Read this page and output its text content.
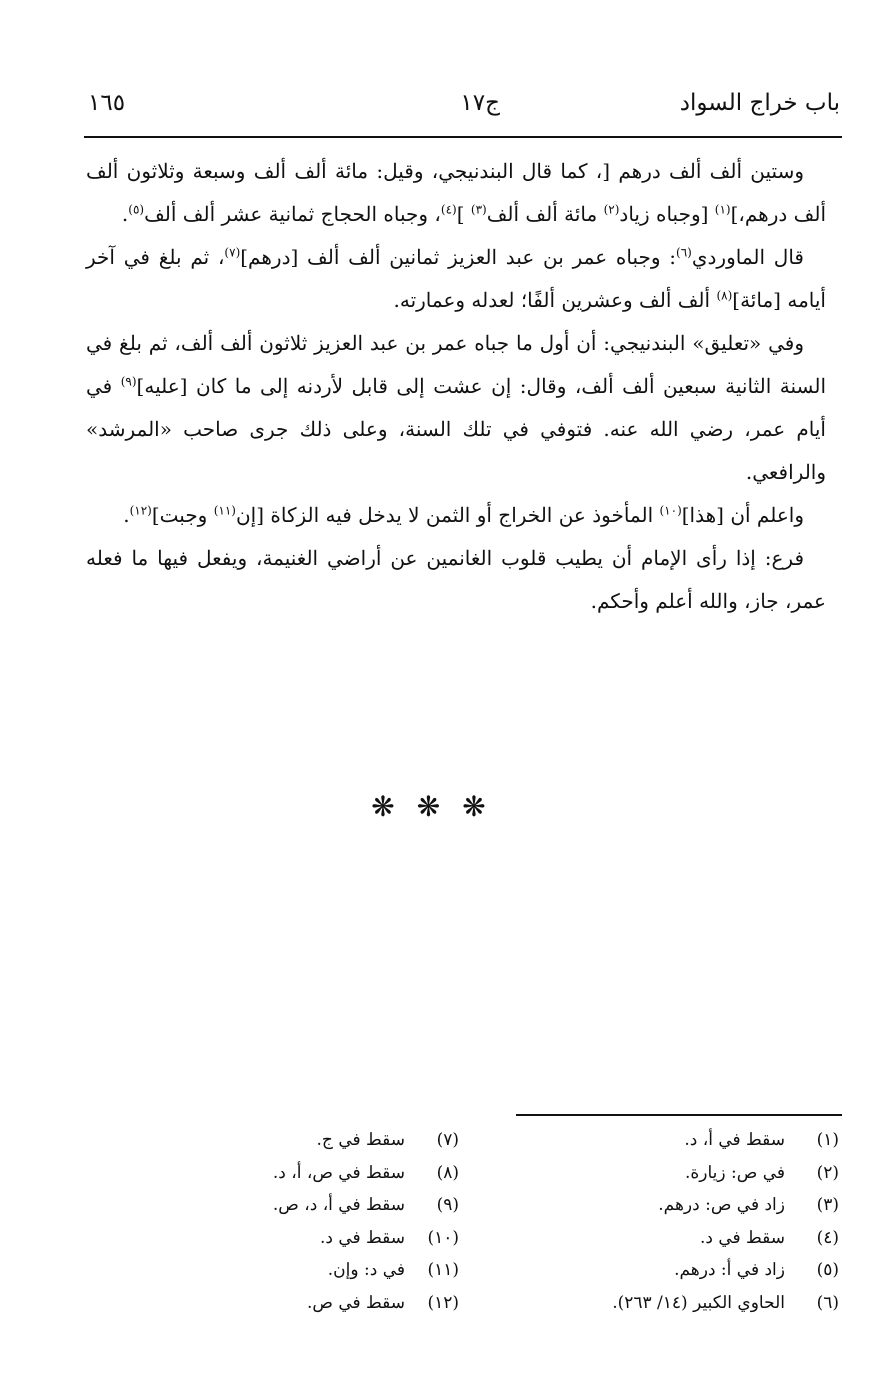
باب خراج السواد
ج١٧
١٦٥

وستين ألف ألف درهم [، كما قال البندنيجي، وقيل: مائة ألف ألف وسبعة وثلاثون ألف ألف درهم،]$^{(١)}$ [وجباه زياد$^{(٢)}$ مائة ألف ألف$^{(٣)}$ ]$^{(٤)}$، وجباه الحجاج ثمانية عشر ألف ألف$^{(٥)}$.

قال الماوردي$^{(٦)}$: وجباه عمر بن عبد العزيز ثمانين ألف ألف [درهم]$^{(٧)}$، ثم بلغ في آخر أيامه [مائة]$^{(٨)}$ ألف ألف وعشرين ألفًا؛ لعدله وعمارته.

وفي «تعليق» البندنيجي: أن أول ما جباه عمر بن عبد العزيز ثلاثون ألف ألف، ثم بلغ في السنة الثانية سبعين ألف ألف، وقال: إن عشت إلى قابل لأردنه إلى ما كان [عليه]$^{(٩)}$ في أيام عمر، رضي الله عنه. فتوفي في تلك السنة، وعلى ذلك جرى صاحب «المرشد» والرافعي.

واعلم أن [هذا]$^{(١٠)}$ المأخوذ عن الخراج أو الثمن لا يدخل فيه الزكاة [إن$^{(١١)}$ وجبت]$^{(١٢)}$.

فرع: إذا رأى الإمام أن يطيب قلوب الغانمين عن أراضي الغنيمة، ويفعل فيها ما فعله عمر، جاز، والله أعلم وأحكم.

❋❋❋
(١)سقط في أ، د.
(٢)في ص: زيارة.
(٣)زاد في ص: درهم.
(٤)سقط في د.
(٥)زاد في أ: درهم.
(٦)الحاوي الكبير (١٤/ ٢٦٣).
(٧)سقط في ج.
(٨)سقط في ص، أ، د.
(٩)سقط في أ، د، ص.
(١٠)سقط في د.
(١١)في د: وإن.
(١٢)سقط في ص.
